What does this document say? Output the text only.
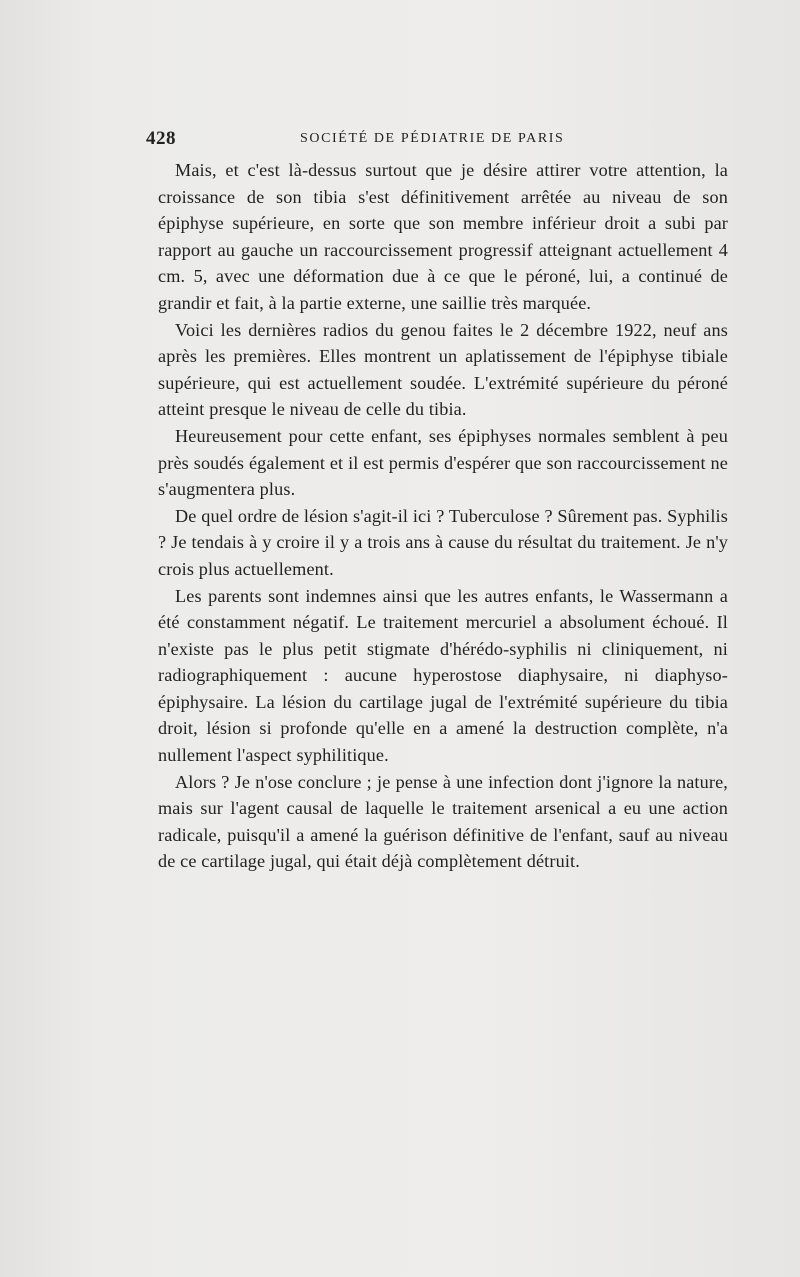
428	SOCIÉTÉ DE PÉDIATRIE DE PARIS

Mais, et c'est là-dessus surtout que je désire attirer votre attention, la croissance de son tibia s'est définitivement arrêtée au niveau de son épiphyse supérieure, en sorte que son membre inférieur droit a subi par rapport au gauche un raccourcissement progressif atteignant actuellement 4 cm. 5, avec une déformation due à ce que le péroné, lui, a continué de grandir et fait, à la partie externe, une saillie très marquée.

Voici les dernières radios du genou faites le 2 décembre 1922, neuf ans après les premières. Elles montrent un aplatissement de l'épiphyse tibiale supérieure, qui est actuellement soudée. L'extrémité supérieure du péroné atteint presque le niveau de celle du tibia.

Heureusement pour cette enfant, ses épiphyses normales semblent à peu près soudés également et il est permis d'espérer que son raccourcissement ne s'augmentera plus.

De quel ordre de lésion s'agit-il ici ? Tuberculose ? Sûrement pas. Syphilis ? Je tendais à y croire il y a trois ans à cause du résultat du traitement. Je n'y crois plus actuellement.

Les parents sont indemnes ainsi que les autres enfants, le Wassermann a été constamment négatif. Le traitement mercuriel a absolument échoué. Il n'existe pas le plus petit stigmate d'hérédo-syphilis ni cliniquement, ni radiographiquement : aucune hyperostose diaphysaire, ni diaphyso-épiphysaire. La lésion du cartilage jugal de l'extrémité supérieure du tibia droit, lésion si profonde qu'elle en a amené la destruction complète, n'a nullement l'aspect syphilitique.

Alors ? Je n'ose conclure ; je pense à une infection dont j'ignore la nature, mais sur l'agent causal de laquelle le traitement arsenical a eu une action radicale, puisqu'il a amené la guérison définitive de l'enfant, sauf au niveau de ce cartilage jugal, qui était déjà complètement détruit.
